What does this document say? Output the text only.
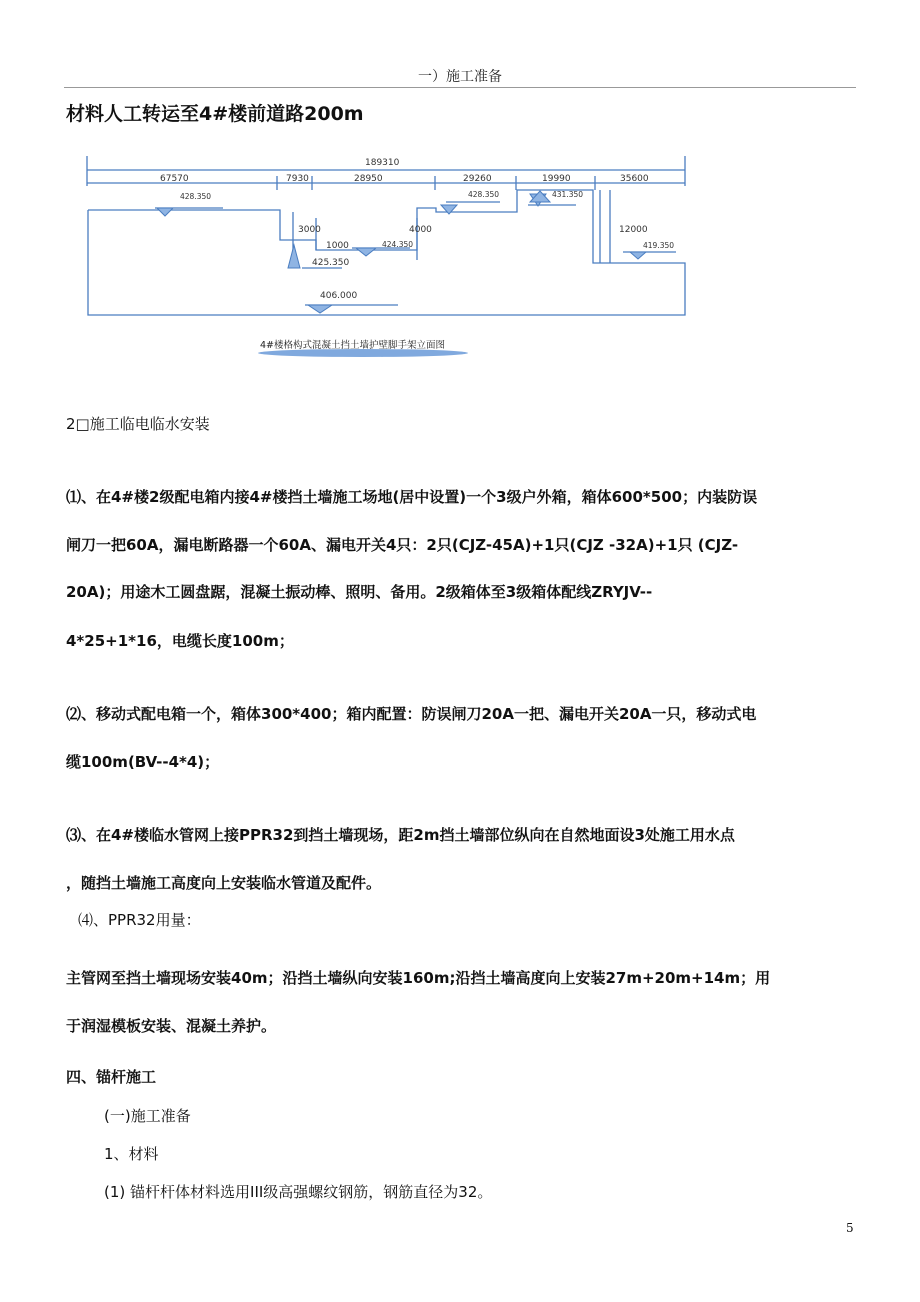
一）施工准备
材料人工转运至4#楼前道路200m
189310
67570	7930	28950	29260	19990	35600
428.350	428.350	431.350
3000	4000	12000
1000	424.350
425.350
419.350
406.000
4#楼格构式混凝土挡土墙护壁脚手架立面图
2□施工临电临水安装
⑴、在4#楼2级配电箱内接4#楼挡土墙施工场地(居中设置)一个3级户外箱，箱体600*500；内装防误
闸刀一把60A，漏电断路器一个60A、漏电开关4只：2只(CJZ-45A)+1只(CJZ -32A)+1只 (CJZ-
20A)；用途木工圆盘踞，混凝土振动棒、照明、备用。2级箱体至3级箱体配线ZRYJV--
4*25+1*16，电缆长度100m；
⑵、移动式配电箱一个，箱体300*400；箱内配置：防误闸刀20A一把、漏电开关20A一只，移动式电
缆100m(BV--4*4)；
⑶、在4#楼临水管网上接PPR32到挡土墙现场，距2m挡土墙部位纵向在自然地面设3处施工用水点
，随挡土墙施工高度向上安装临水管道及配件。
⑷、PPR32用量：
主管网至挡土墙现场安装40m；沿挡土墙纵向安装160m;沿挡土墙高度向上安装27m+20m+14m；用
于润湿模板安装、混凝土养护。
四、锚杆施工
(一)施工准备
1、材料
(1) 锚杆杆体材料选用III级高强螺纹钢筋，钢筋直径为32。
5
